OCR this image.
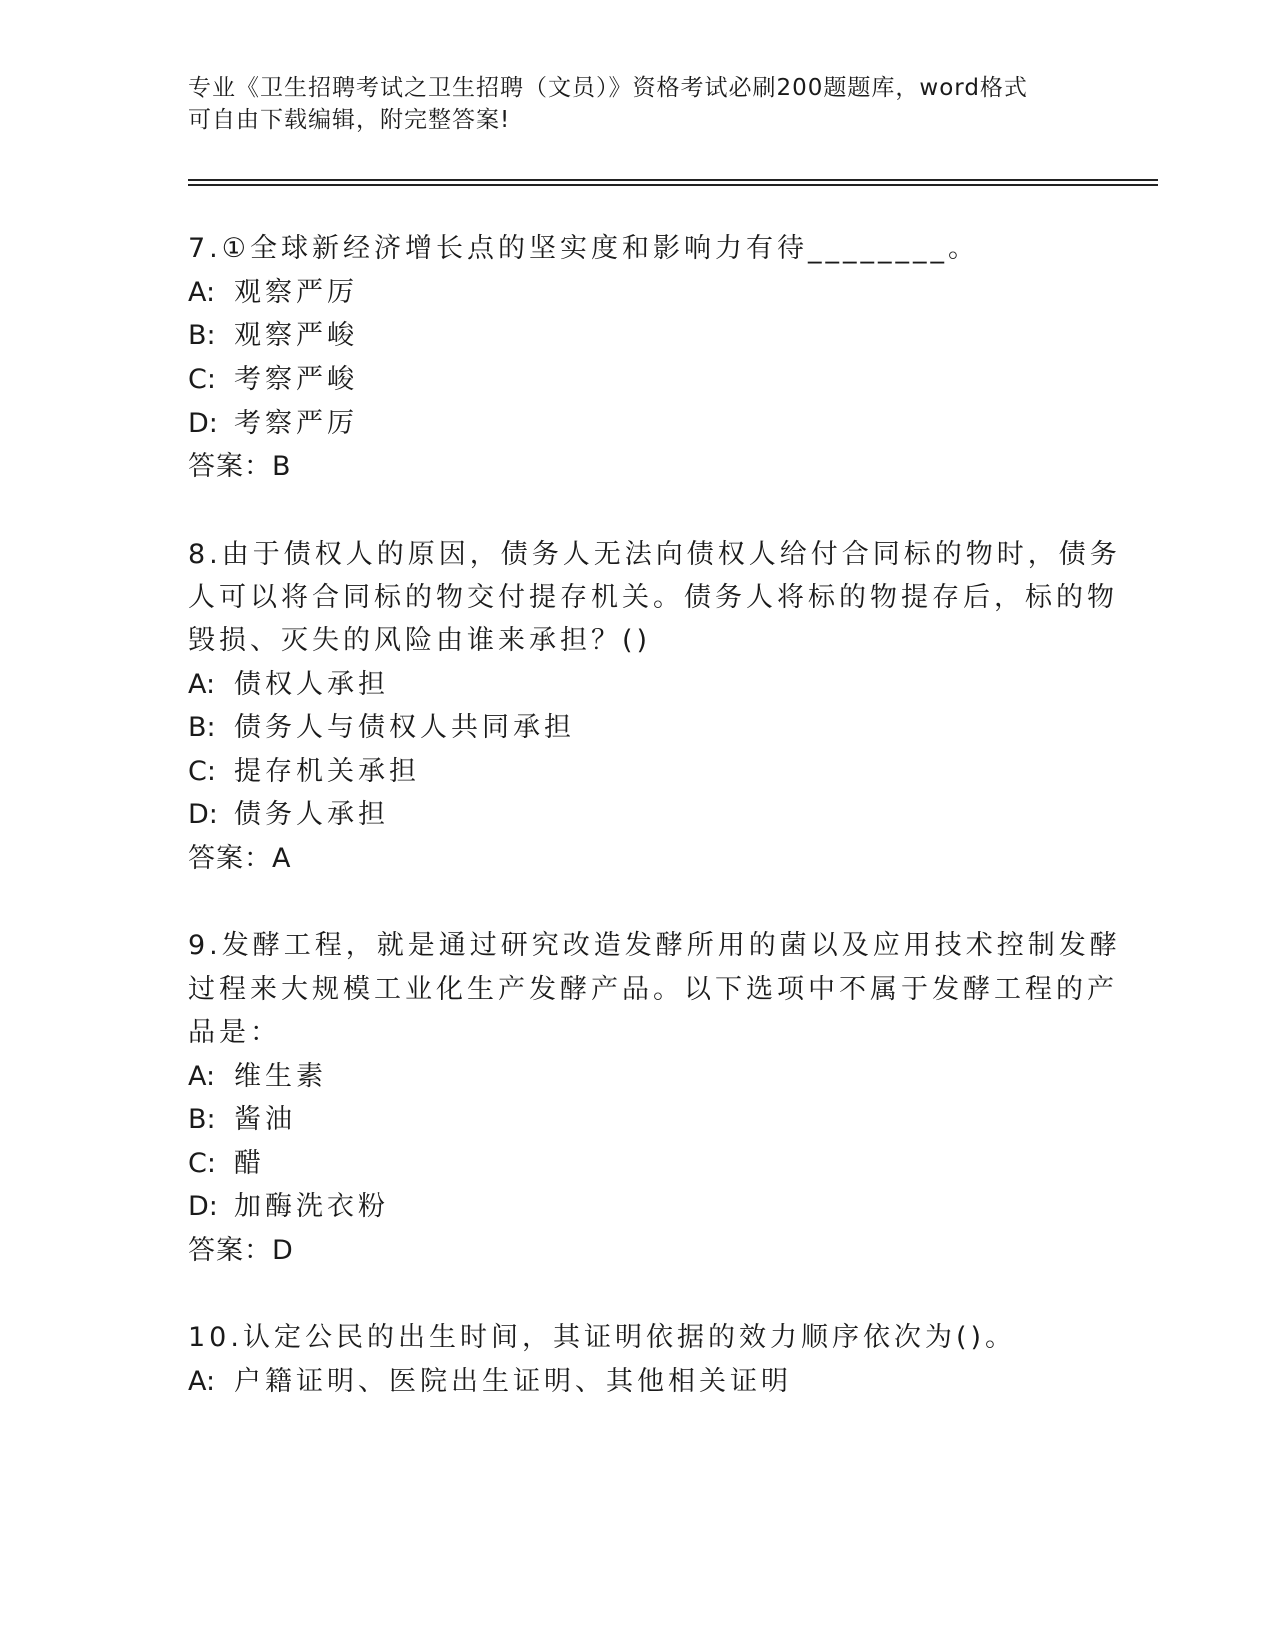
专业《卫生招聘考试之卫生招聘（文员）》资格考试必刷200题题库，word格式
可自由下载编辑，附完整答案!
7.①全球新经济增长点的坚实度和影响力有待________。
A: 观察严厉
B: 观察严峻
C: 考察严峻
D: 考察严厉
答案：B
8.由于债权人的原因，债务人无法向债权人给付合同标的物时，债务
人可以将合同标的物交付提存机关。债务人将标的物提存后，标的物
毁损、灭失的风险由谁来承担？()
A: 债权人承担
B: 债务人与债权人共同承担
C: 提存机关承担
D: 债务人承担
答案：A
9.发酵工程，就是通过研究改造发酵所用的菌以及应用技术控制发酵
过程来大规模工业化生产发酵产品。以下选项中不属于发酵工程的产
品是：
A: 维生素
B: 酱油
C: 醋
D: 加酶洗衣粉
答案：D
10.认定公民的出生时间，其证明依据的效力顺序依次为()。
A: 户籍证明、医院出生证明、其他相关证明
